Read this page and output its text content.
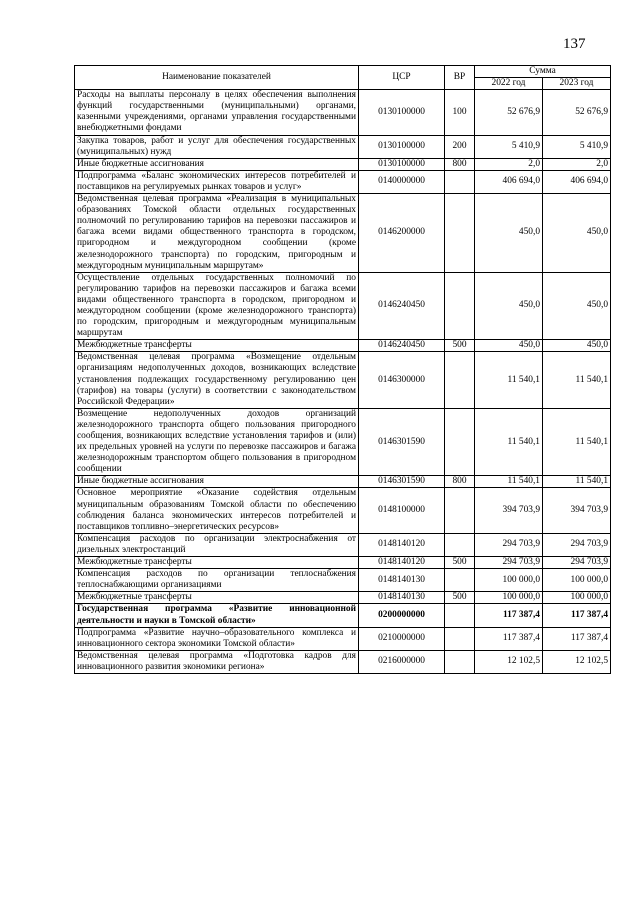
137
Наименование показателей	ЦСР	ВР	Сумма	
			2022 год	2023 год
Расходы на выплаты персоналу в целях обеспечения выполнения функций государственными (муниципальными) органами, казенными учреждениями, органами управления государственными внебюджетными фондами	0130100000	100	52 676,9	52 676,9
Закупка товаров, работ и услуг для обеспечения государственных (муниципальных) нужд	0130100000	200	5 410,9	5 410,9
Иные бюджетные ассигнования	0130100000	800	2,0	2,0
Подпрограмма «Баланс экономических интересов потребителей и поставщиков на регулируемых рынках товаров и услуг»	0140000000		406 694,0	406 694,0
Ведомственная целевая программа «Реализация в муниципальных образованиях Томской области отдельных государственных полномочий по регулированию тарифов на перевозки пассажиров и багажа всеми видами общественного транспорта в городском, пригородном и междугородном сообщении (кроме железнодорожного транспорта) по городским, пригородным и междугородным муниципальным маршрутам»	0146200000		450,0	450,0
Осуществление отдельных государственных полномочий по регулированию тарифов на перевозки пассажиров и багажа всеми видами общественного транспорта в городском, пригородном и междугородном сообщении (кроме железнодорожного транспорта) по городским, пригородным и междугородным муниципальным маршрутам	0146240450		450,0	450,0
Межбюджетные трансферты	0146240450	500	450,0	450,0
Ведомственная целевая программа «Возмещение отдельным организациям недополученных доходов, возникающих вследствие установления подлежащих государственному регулированию цен (тарифов) на товары (услуги) в соответствии с законодательством Российской Федерации»	0146300000		11 540,1	11 540,1
Возмещение недополученных доходов организаций железнодорожного транспорта общего пользования пригородного сообщения, возникающих вследствие установления тарифов и (или) их предельных уровней на услуги по перевозке пассажиров и багажа железнодорожным транспортом общего пользования в пригородном сообщении	0146301590		11 540,1	11 540,1
Иные бюджетные ассигнования	0146301590	800	11 540,1	11 540,1
Основное мероприятие «Оказание содействия отдельным муниципальным образованиям Томской области по обеспечению соблюдения баланса экономических интересов потребителей и поставщиков топливно–энергетических ресурсов»	0148100000		394 703,9	394 703,9
Компенсация расходов по организации электроснабжения от дизельных электростанций	0148140120		294 703,9	294 703,9
Межбюджетные трансферты	0148140120	500	294 703,9	294 703,9
Компенсация расходов по организации теплоснабжения теплоснабжающими организациями	0148140130		100 000,0	100 000,0
Межбюджетные трансферты	0148140130	500	100 000,0	100 000,0
Государственная программа «Развитие инновационной деятельности и науки в Томской области»	0200000000		117 387,4	117 387,4
Подпрограмма «Развитие научно–образовательного комплекса и инновационного сектора экономики Томской области»	0210000000		117 387,4	117 387,4
Ведомственная целевая программа «Подготовка кадров для инновационного развития экономики региона»	0216000000		12 102,5	12 102,5
